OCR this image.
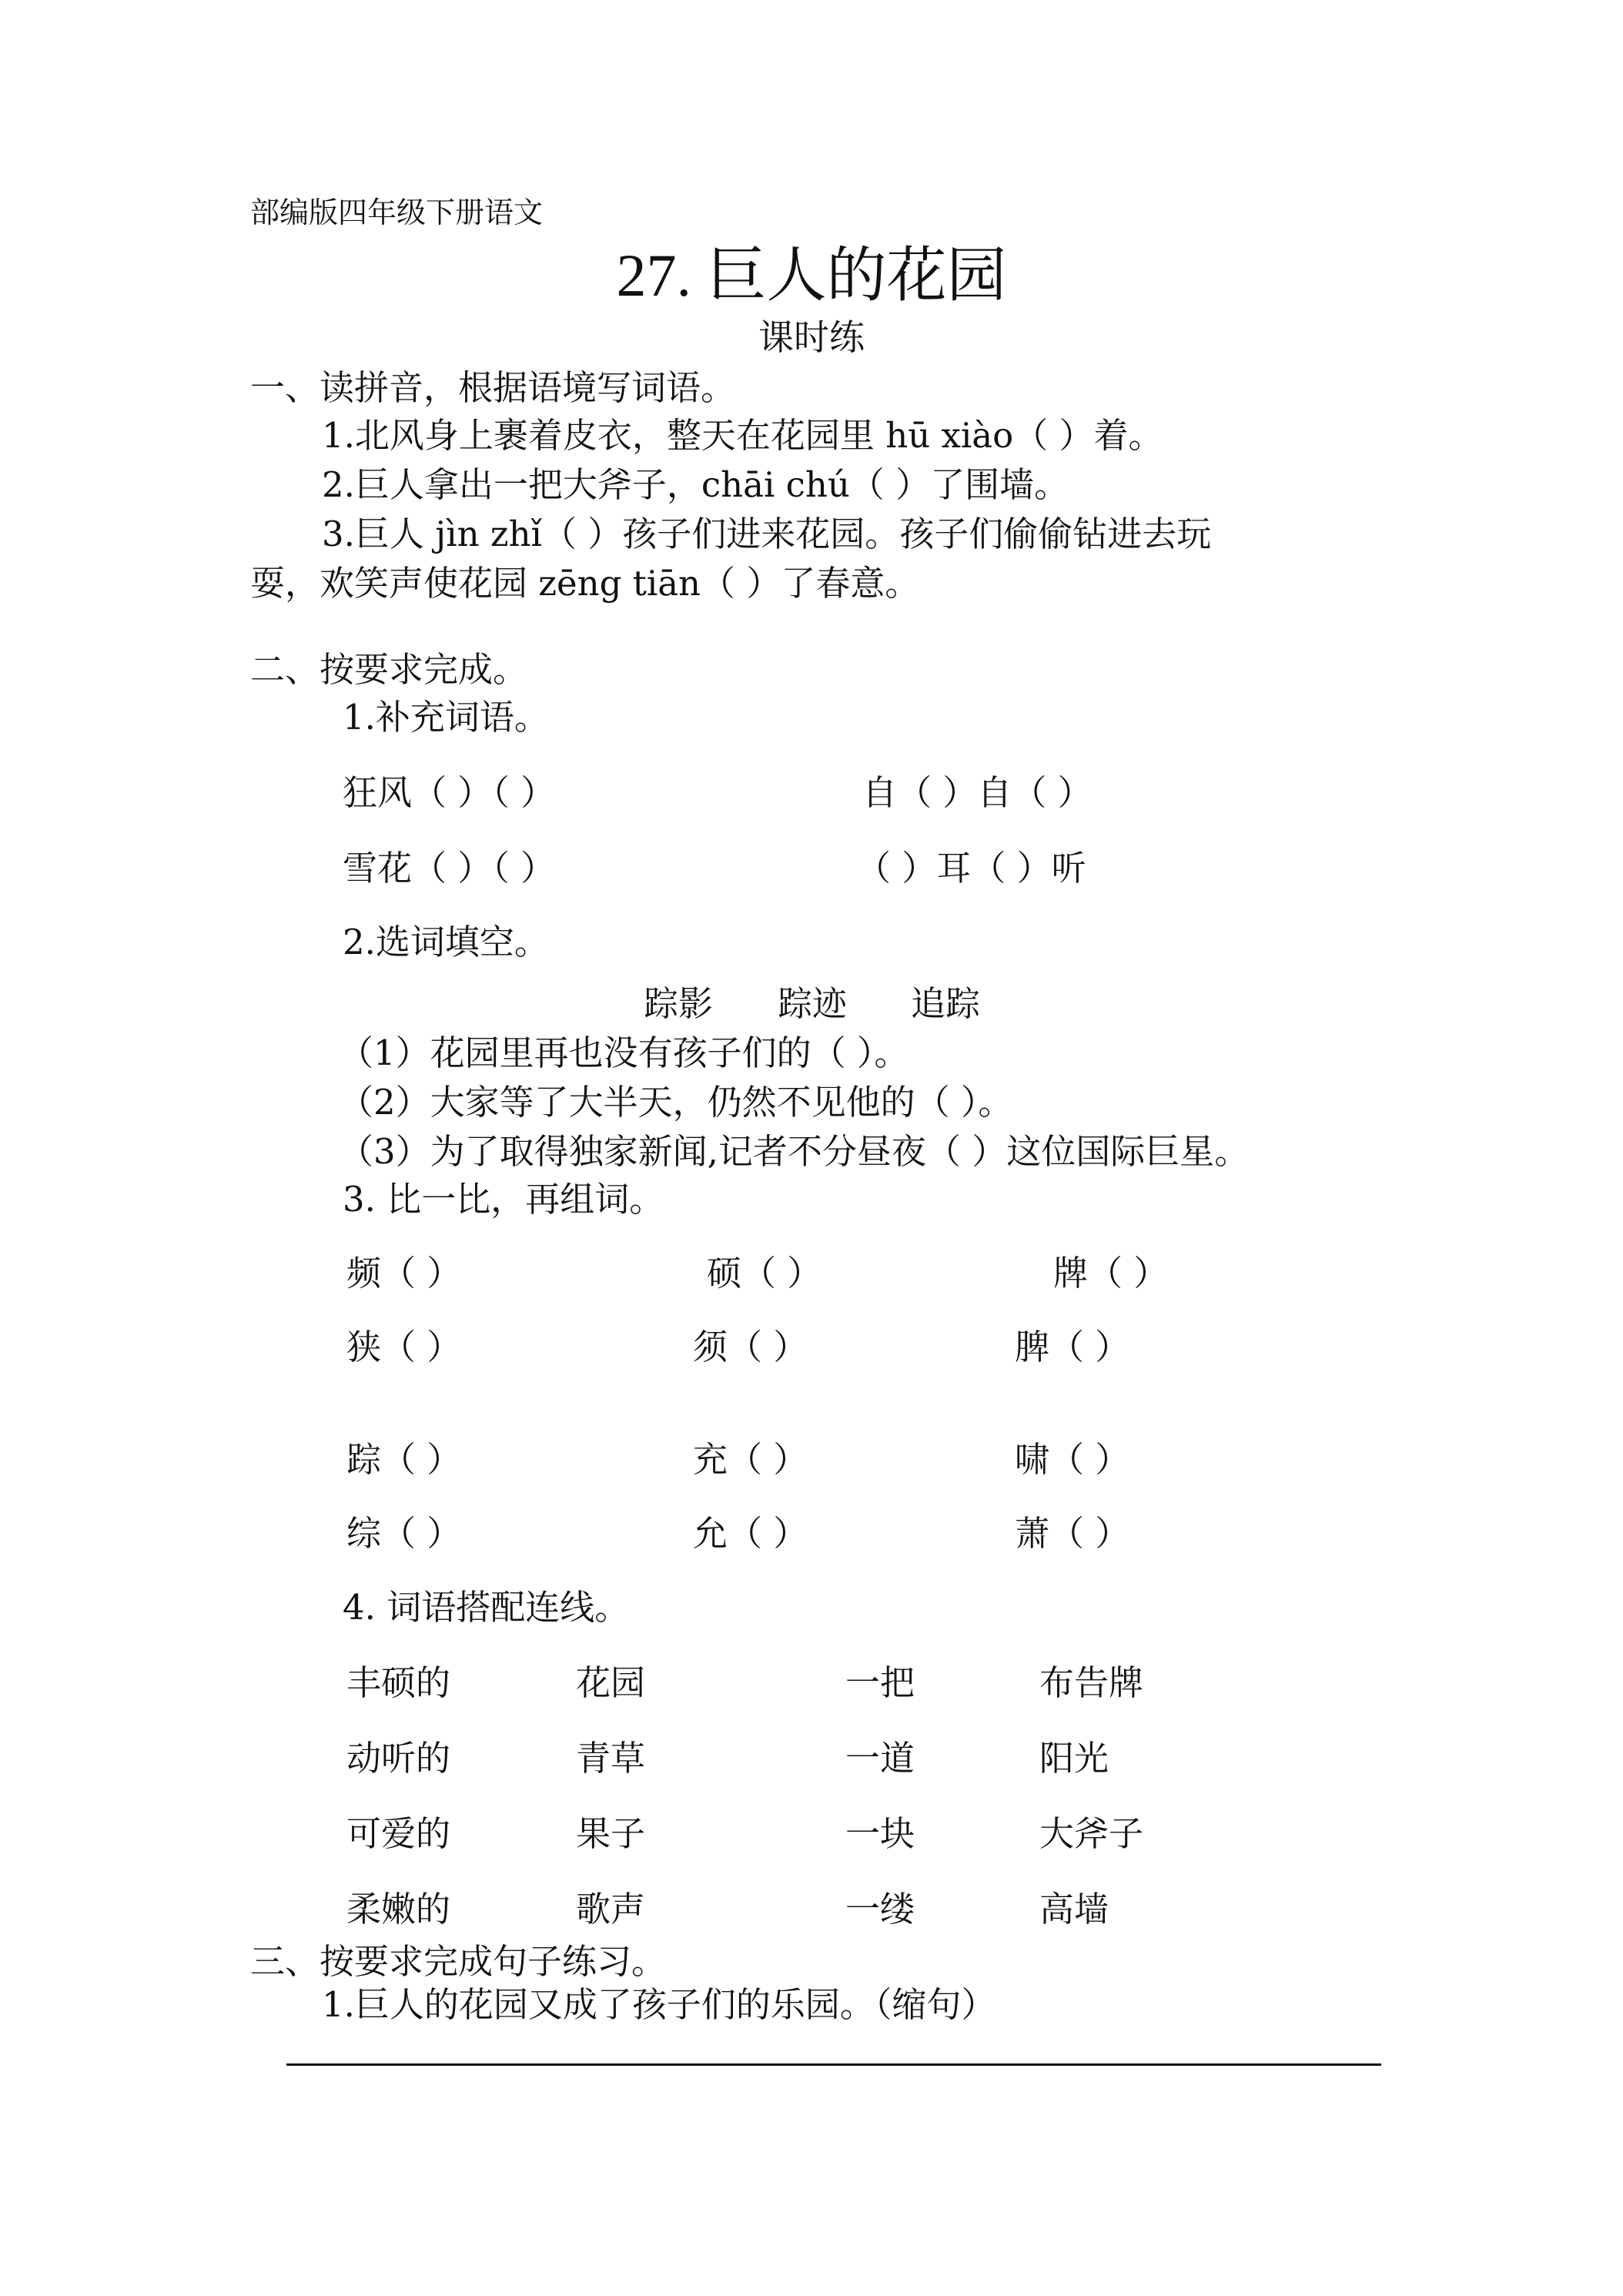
部编版四年级下册语文
27. 巨人的花园
课时练
一、读拼音，根据语境写词语。
1.北风身上裹着皮衣，整天在花园里 hū xiào（ ）着。
2.巨人拿出一把大斧子，chāi chú（ ）了围墙。
3.巨人 jìn zhǐ（ ）孩子们进来花园。孩子们偷偷钻进去玩
耍，欢笑声使花园 zēng tiān（ ）了春意。
二、按要求完成。
1.补充词语。
狂风（ ）（ ）	自（ ）自（ ）
雪花（ ）（ ）	（ ）耳（ ）听
2.选词填空。
踪影 踪迹 追踪
（1）花园里再也没有孩子们的（ ）。
（2）大家等了大半天，仍然不见他的（ ）。
（3）为了取得独家新闻,记者不分昼夜（ ）这位国际巨星。
3. 比一比，再组词。
频（ ）	硕（ ）	牌（ ）
狭（ ）	须（ ）	脾（ ）
踪（ ）	充（ ）	啸（ ）
综（ ）	允（ ）	萧（ ）
4. 词语搭配连线。
丰硕的	花园	一把	布告牌
动听的	青草	一道	阳光
可爱的	果子	一块	大斧子
柔嫩的	歌声	一缕	高墙
三、按要求完成句子练习。
1.巨人的花园又成了孩子们的乐园。（缩句）
